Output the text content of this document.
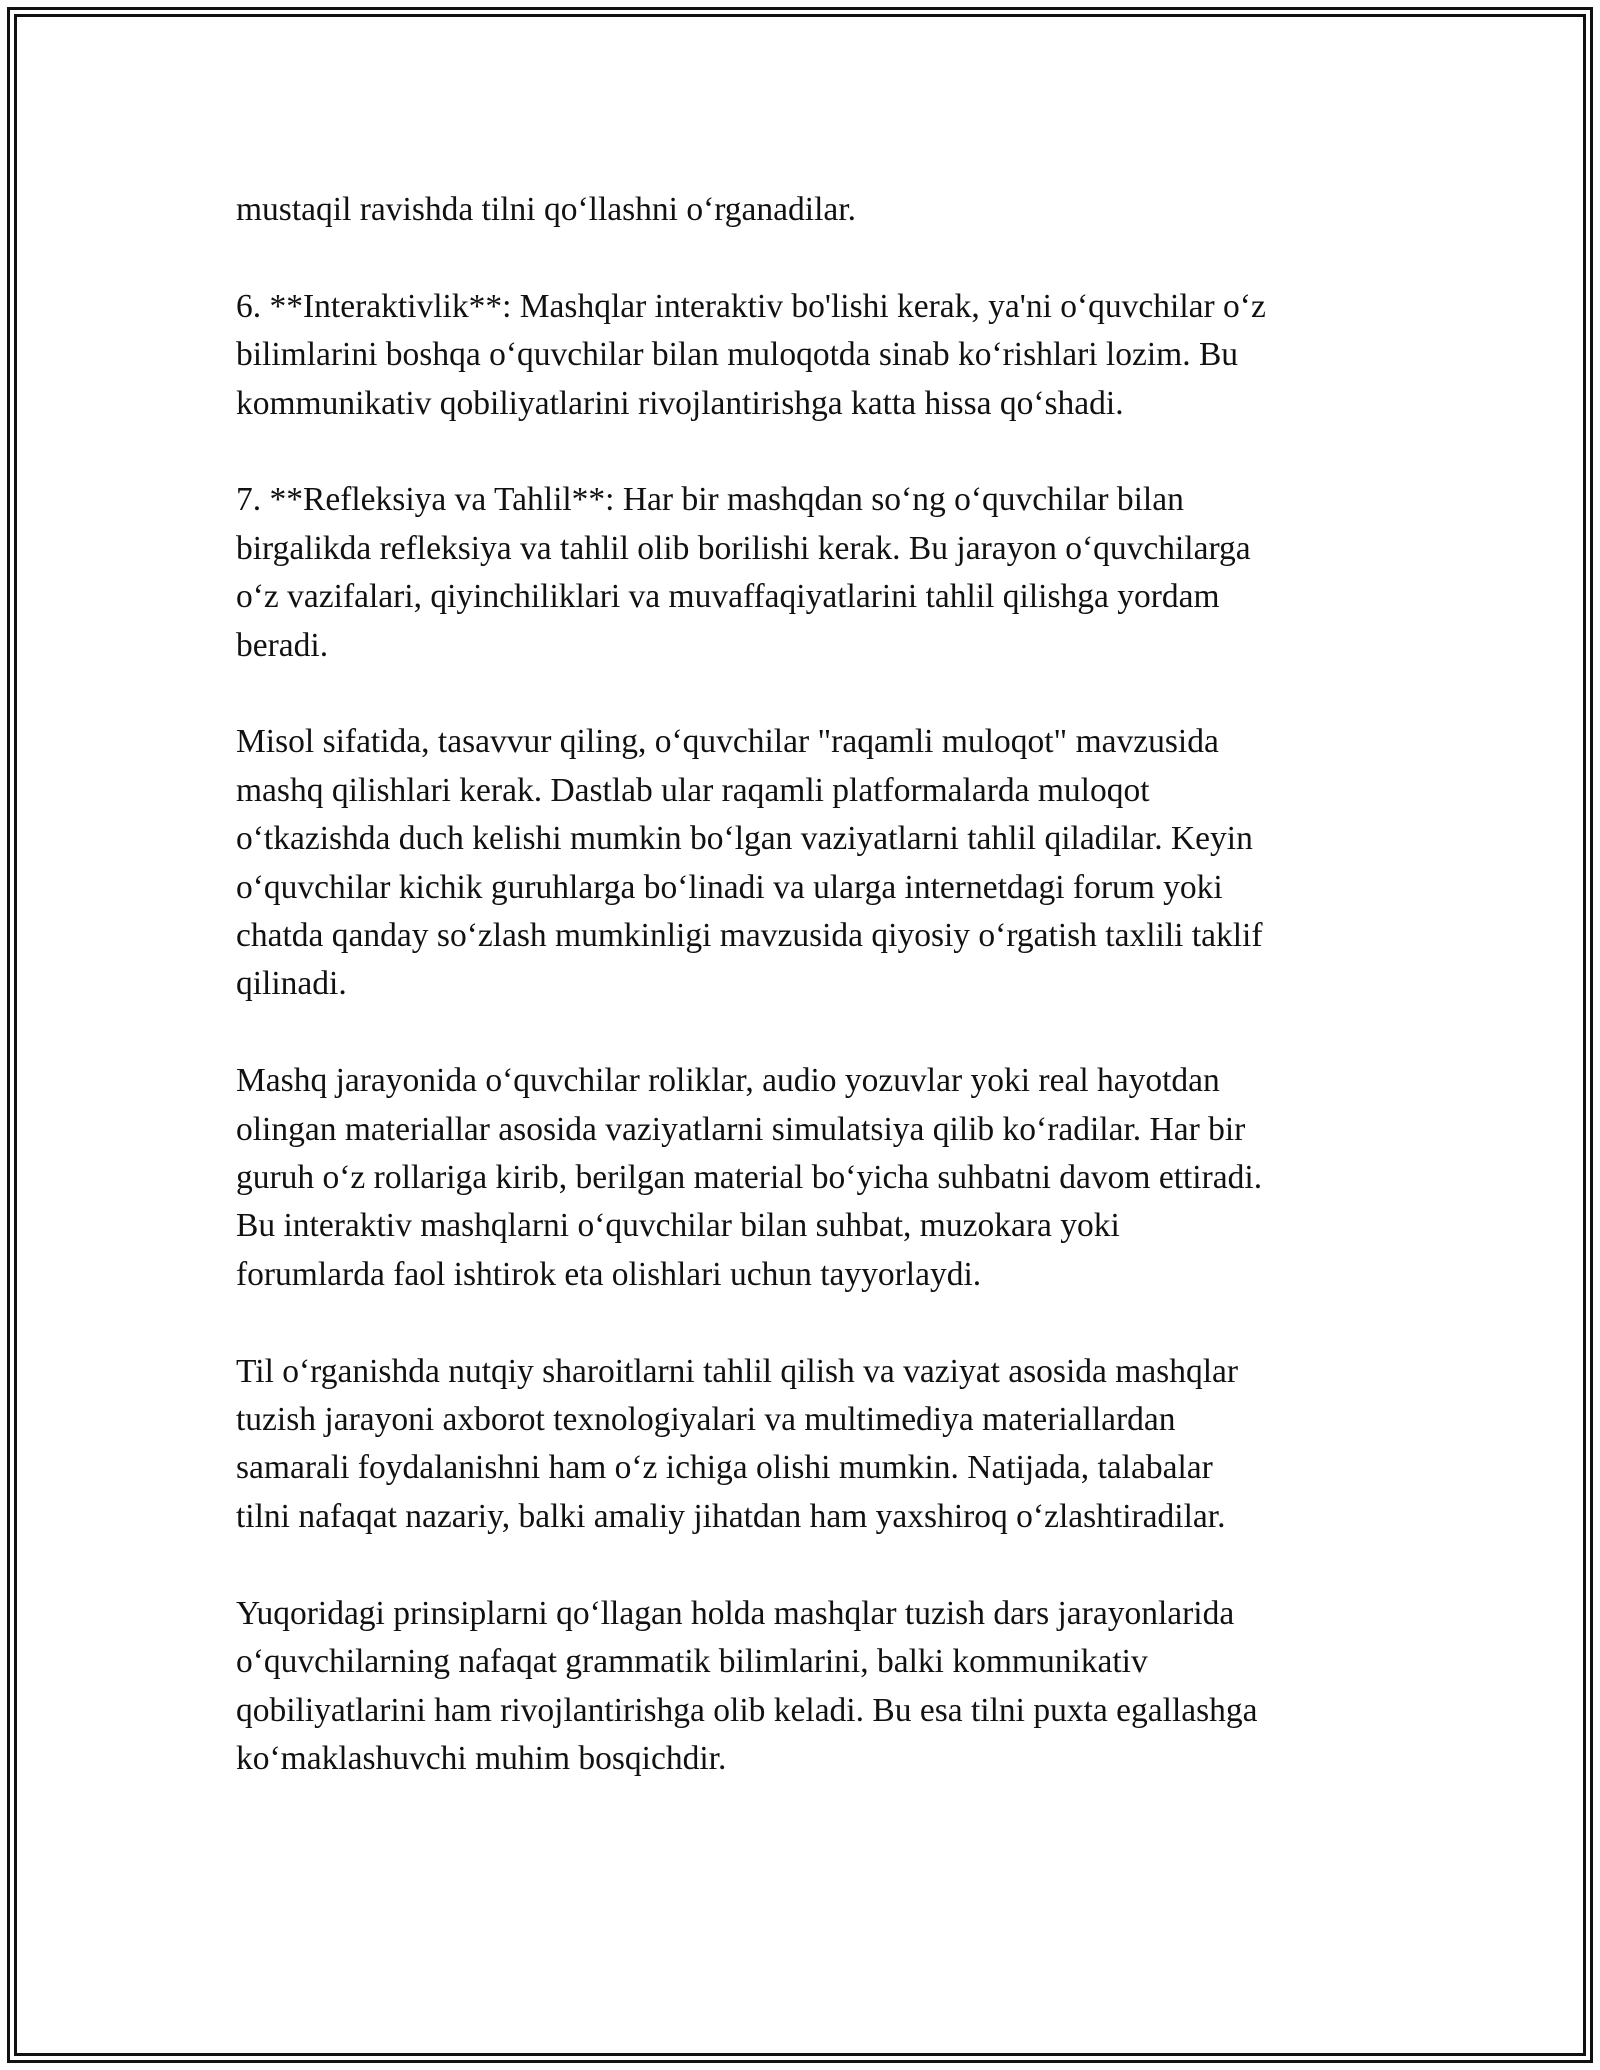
mustaqil ravishda tilni qo‘llashni o‘rganadilar.

6. **Interaktivlik**: Mashqlar interaktiv bo'lishi kerak, ya'ni o‘quvchilar o‘z
bilimlarini boshqa o‘quvchilar bilan muloqotda sinab ko‘rishlari lozim. Bu
kommunikativ qobiliyatlarini rivojlantirishga katta hissa qo‘shadi.

7. **Refleksiya va Tahlil**: Har bir mashqdan so‘ng o‘quvchilar bilan
birgalikda refleksiya va tahlil olib borilishi kerak. Bu jarayon o‘quvchilarga
o‘z vazifalari, qiyinchiliklari va muvaffaqiyatlarini tahlil qilishga yordam
beradi.

Misol sifatida, tasavvur qiling, o‘quvchilar "raqamli muloqot" mavzusida
mashq qilishlari kerak. Dastlab ular raqamli platformalarda muloqot
o‘tkazishda duch kelishi mumkin bo‘lgan vaziyatlarni tahlil qiladilar. Keyin
o‘quvchilar kichik guruhlarga bo‘linadi va ularga internetdagi forum yoki
chatda qanday so‘zlash mumkinligi mavzusida qiyosiy o‘rgatish taxlili taklif
qilinadi.

Mashq jarayonida o‘quvchilar roliklar, audio yozuvlar yoki real hayotdan
olingan materiallar asosida vaziyatlarni simulatsiya qilib ko‘radilar. Har bir
guruh o‘z rollariga kirib, berilgan material bo‘yicha suhbatni davom ettiradi.
Bu interaktiv mashqlarni o‘quvchilar bilan suhbat, muzokara yoki
forumlarda faol ishtirok eta olishlari uchun tayyorlaydi.

Til o‘rganishda nutqiy sharoitlarni tahlil qilish va vaziyat asosida mashqlar
tuzish jarayoni axborot texnologiyalari va multimediya materiallardan
samarali foydalanishni ham o‘z ichiga olishi mumkin. Natijada, talabalar
tilni nafaqat nazariy, balki amaliy jihatdan ham yaxshiroq o‘zlashtiradilar.

Yuqoridagi prinsiplarni qo‘llagan holda mashqlar tuzish dars jarayonlarida
o‘quvchilarning nafaqat grammatik bilimlarini, balki kommunikativ
qobiliyatlarini ham rivojlantirishga olib keladi. Bu esa tilni puxta egallashga
ko‘maklashuvchi muhim bosqichdir.
